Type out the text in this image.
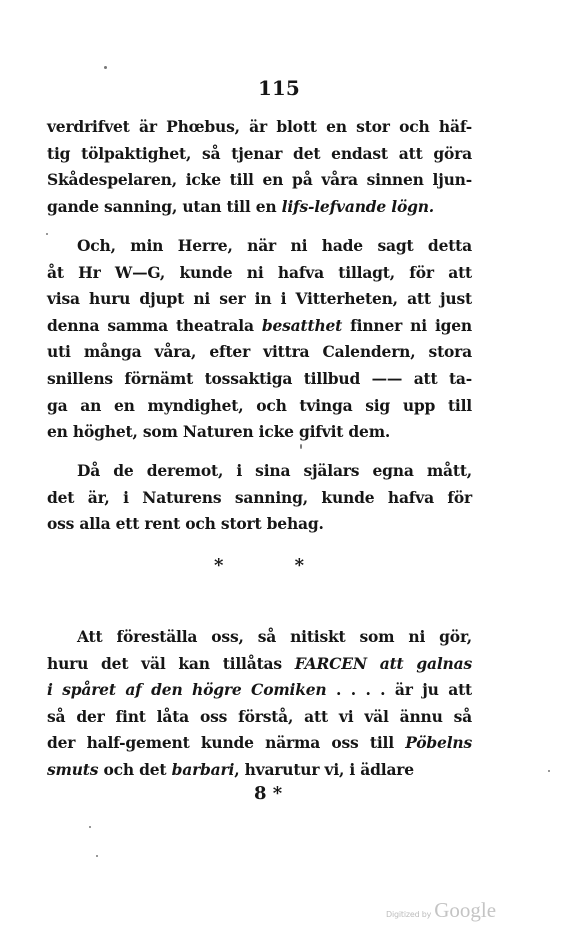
115
verdrifvet är Phœbus, är blott en stor och häf-
tig tölpaktighet, så tjenar det endast att göra
Skådespelaren, icke till en på våra sinnen ljun-
gande sanning, utan till en lifs-lefvande lögn.
Och, min Herre, när ni hade sagt detta
åt Hr W—G, kunde ni hafva tillagt, för att
visa huru djupt ni ser in i Vitterheten, att just
denna samma theatrala besatthet finner ni igen
uti många våra, efter vittra Calendern, stora
snillens förnämt tossaktiga tillbud —— att ta-
ga an en myndighet, och tvinga sig upp till
en höghet, som Naturen icke gifvit dem.
Då de deremot, i sina själars egna mått,
det är, i Naturens sanning, kunde hafva för
oss alla ett rent och stort behag.
*	*
Att föreställa oss, så nitiskt som ni gör,
huru det väl kan tillåtas FARCEN att galnas
i spåret af den högre Comiken . . . . är ju att
så der fint låta oss förstå, att vi väl ännu så
der half-gement kunde närma oss till Pöbelns
smuts och det barbari, hvarutur vi, i ädlare
8 *
Digitized by Google
